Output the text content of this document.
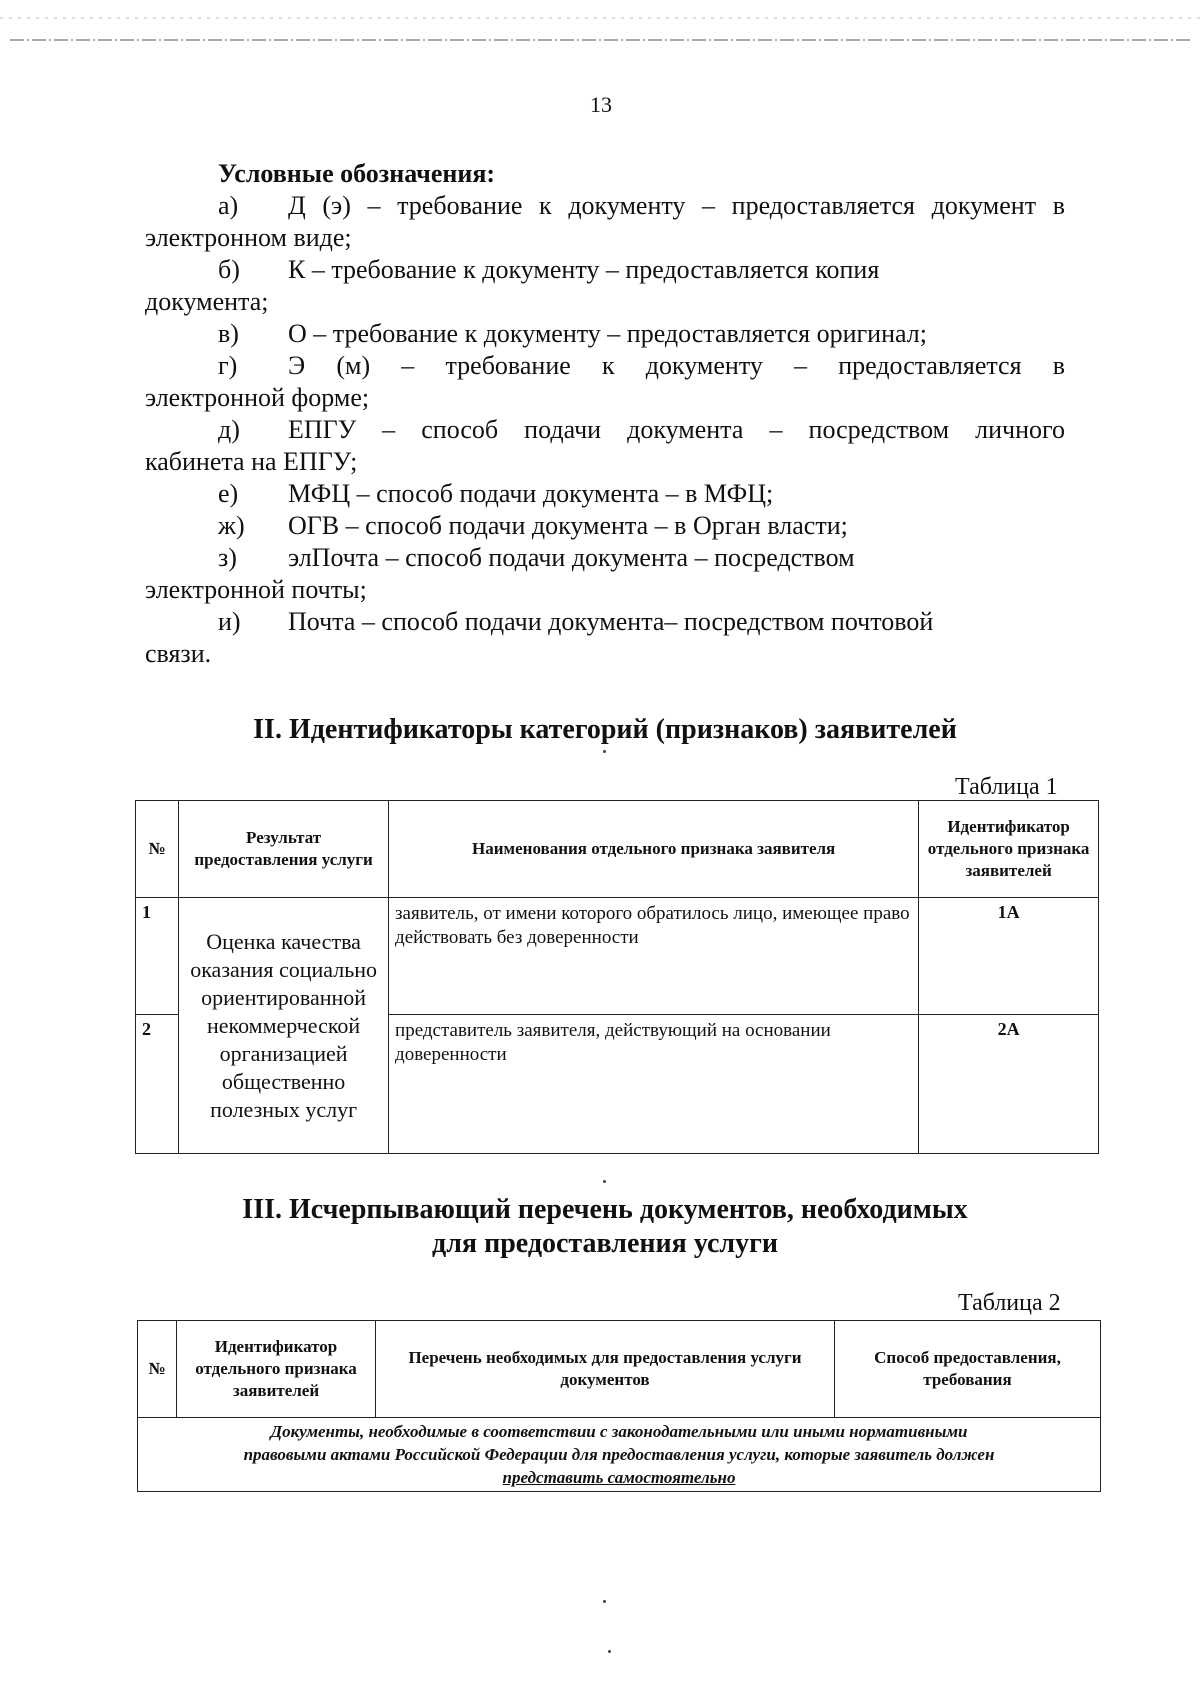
13
Условные обозначения:
а)	Д (э) – требование к документу – предоставляется документ в
электронном виде;
б)	К – требование к документу – предоставляется копия
документа;
в)	О – требование к документу – предоставляется оригинал;
г)	Э (м) – требование к документу – предоставляется в
электронной форме;
д)	ЕПГУ – способ подачи документа – посредством личного
кабинета на ЕПГУ;
е)	МФЦ – способ подачи документа – в МФЦ;
ж)	ОГВ – способ подачи документа – в Орган власти;
з)	элПочта – способ подачи документа – посредством
электронной почты;
и)	Почта – способ подачи документа– посредством почтовой
связи.
II. Идентификаторы категорий (признаков) заявителей
Таблица 1
№	Результат предоставления услуги	Наименования отдельного признака заявителя	Идентификатор отдельного признака заявителей
1	Оценка качества оказания социально ориентированной некоммерческой организацией общественно полезных услуг	заявитель, от имени которого обратилось лицо, имеющее право действовать без доверенности	1А
2		представитель заявителя, действующий на основании доверенности	2А
III. Исчерпывающий перечень документов, необходимых
для предоставления услуги
Таблица 2
№	Идентификатор отдельного признака заявителей	Перечень необходимых для предоставления услуги документов	Способ предоставления, требования

Документы, необходимые в соответствии с законодательными или иными нормативными
правовыми актами Российской Федерации для предоставления услуги, которые заявитель должен
представить самостоятельно
